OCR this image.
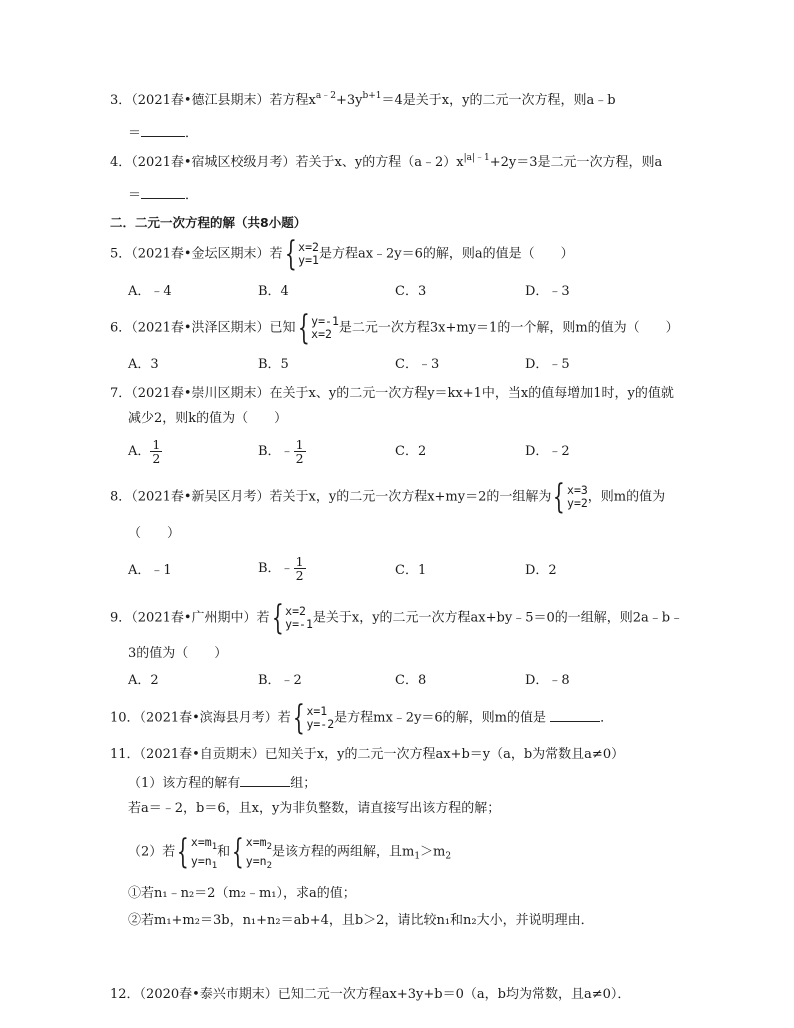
3．（2021春•德江县期末）若方程$x^{a﹣2}+3y^{b+1}=4$是关于x，y的二元一次方程，则a﹣b
＝	．
4．（2021春•宿城区校级月考）若关于x、y的方程$(a﹣2)x^{|a|﹣1}+2y=3$是二元一次方程，则a
＝	．
二．二元一次方程的解（共8小题）
5．（2021春•金坛区期末）若{ x=2
y=1 是方程ax﹣2y＝6的解，则a的值是（　　）
A．﹣4	B．4	C．3	D．﹣3
6．（2021春•洪泽区期末）已知{ y=-1
x=2 是二元一次方程3x+my＝1的一个解，则m的值为（　　）
A．3	B．5	C．﹣3	D．﹣5
7．（2021春•崇川区期末）在关于x、y的二元一次方程y＝kx+1中，当x的值每增加1时，y的值就
减少2，则k的值为（　　）
A． $\frac{1}{2}$	B．﹣ $\frac{1}{2}$	C．2	D．﹣2
8．（2021春•新吴区月考）若关于x，y的二元一次方程x+my＝2的一组解为{ x=3
y=2 ，则m的值为
（　　）
A．﹣1	B．﹣ $\frac{1}{2}$	C．1	D．2
9．（2021春•广州期中）若{ x=2
y=-1 是关于x，y的二元一次方程ax+by﹣5＝0的一组解，则2a﹣b﹣
3的值为（　　）
A．2	B．﹣2	C．8	D．﹣8
10．（2021春•滨海县月考）若{ x=1
y=-2 是方程mx﹣2y＝6的解，则m的值是	．
11．（2021春•自贡期末）已知关于x，y的二元一次方程ax+b＝y（a，b为常数且a≠0）
（1）该方程的解有	组；
若a＝﹣2，b＝6，且x，y为非负整数，请直接写出该方程的解；
（2）若{ $x=m_1$
$y=n_1$
和{ $x=m_2$
$y=n_2$
是该方程的两组解，且$m_1>m_2$
①若n₁﹣n₂＝2（m₂﹣m₁），求a的值；
②若m₁+m₂＝3b，n₁+n₂＝ab+4，且b＞2，请比较n₁和n₂大小，并说明理由．
12．（2020春•泰兴市期末）已知二元一次方程ax+3y+b＝0（a，b均为常数，且a≠0）．
